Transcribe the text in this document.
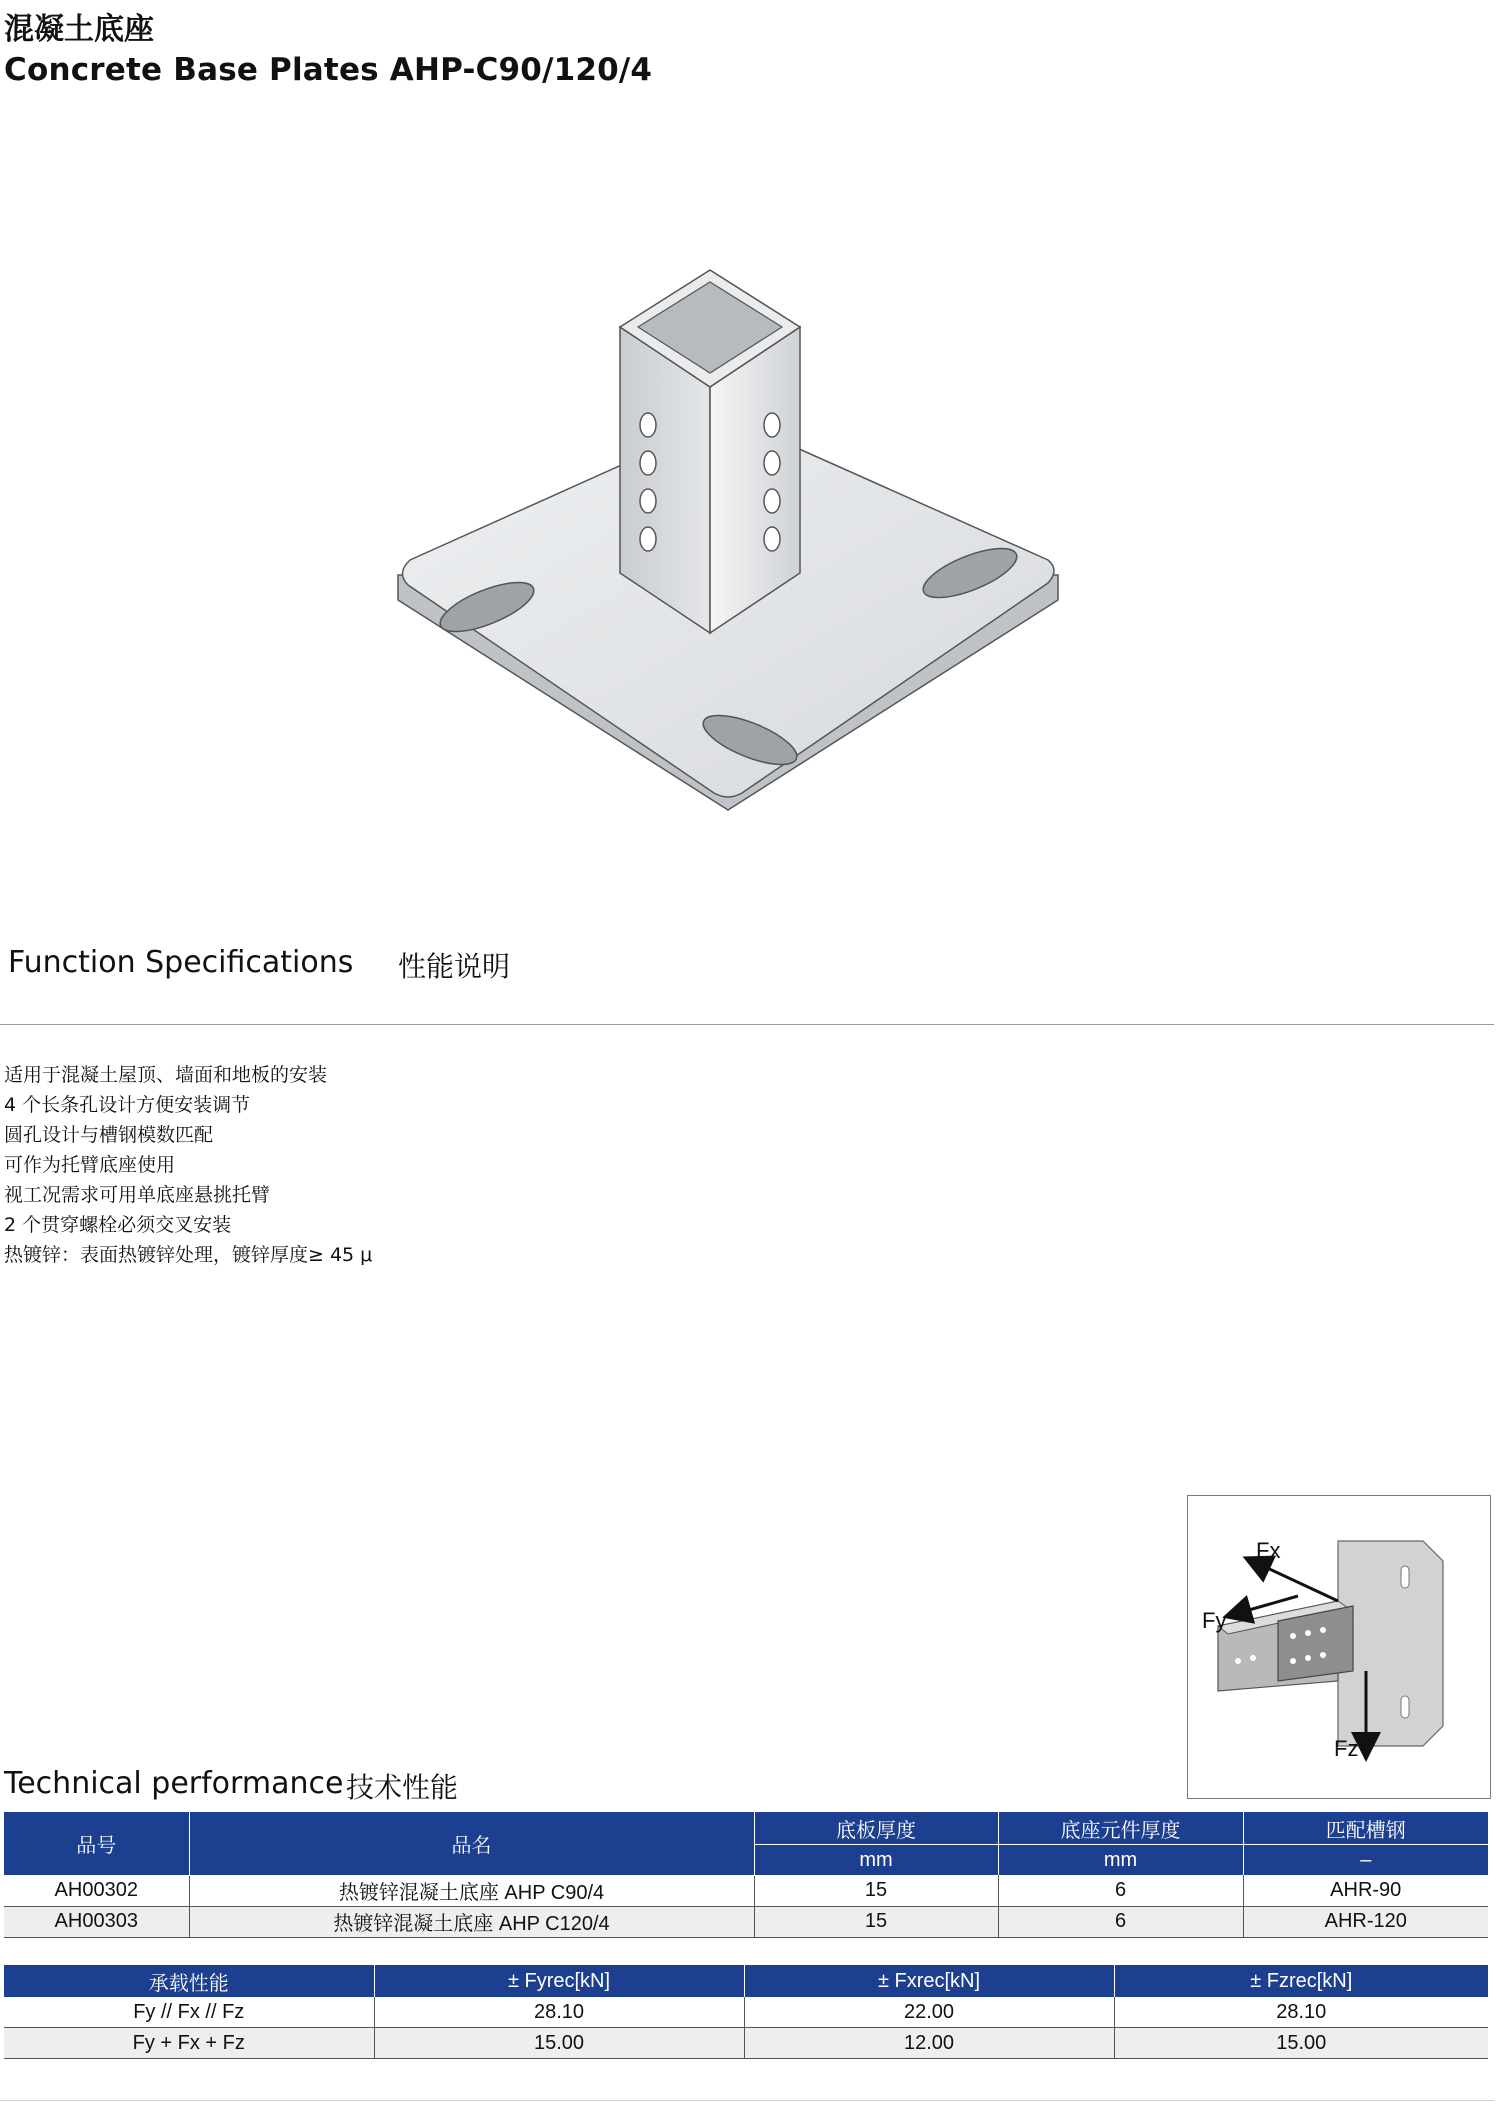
混凝土底座
Concrete Base Plates AHP-C90/120/4
Function Specifications 性能说明
适用于混凝土屋顶、墙面和地板的安装
4 个长条孔设计方便安装调节
圆孔设计与槽钢模数匹配
可作为托臂底座使用
视工况需求可用单底座悬挑托臂
2 个贯穿螺栓必须交叉安装
热镀锌：表面热镀锌处理，镀锌厚度≥ 45 μ
Fx
Fy
Fz
Technical performance 技术性能
品号	品名	底板厚度	底座元件厚度	匹配槽钢
		mm	mm	–
AH00302	热镀锌混凝土底座 AHP C90/4	15	6	AHR-90
AH00303	热镀锌混凝土底座 AHP C120/4	15	6	AHR-120
承载性能	± Fyrec[kN]	± Fxrec[kN]	± Fzrec[kN]
Fy // Fx // Fz	28.10	22.00	28.10
Fy + Fx + Fz	15.00	12.00	15.00
